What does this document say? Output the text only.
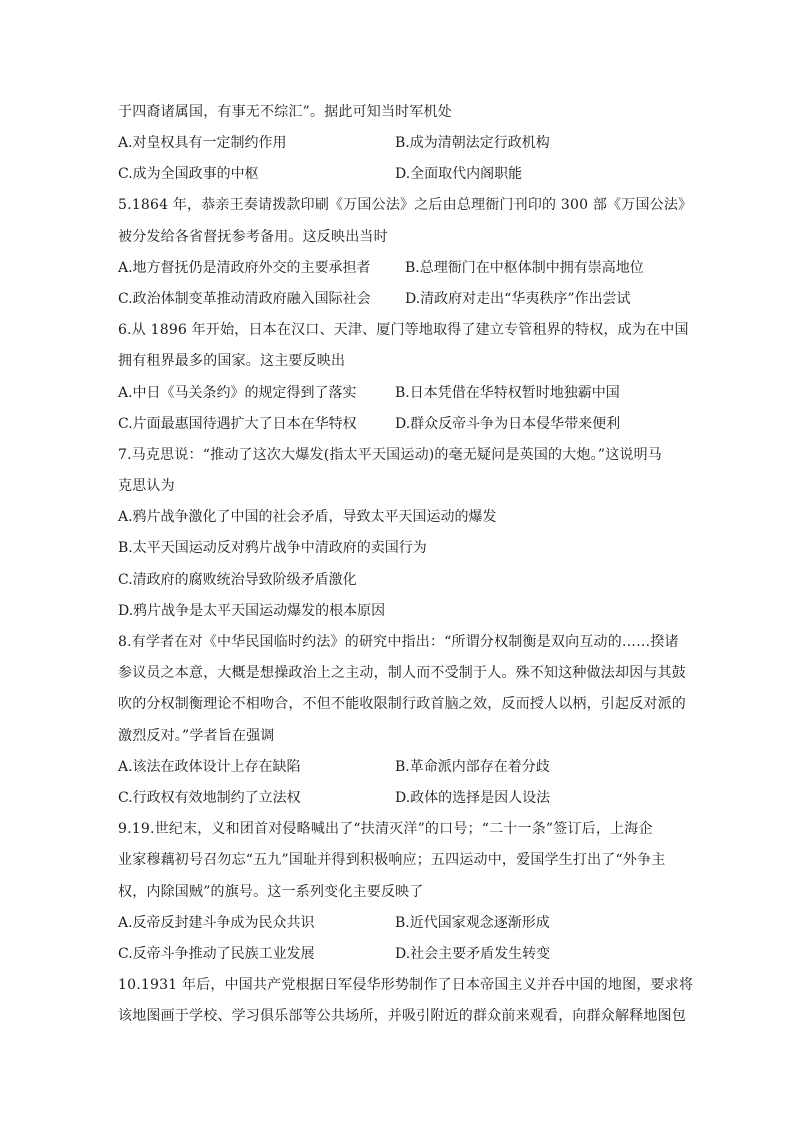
于四裔诸属国，有事无不综汇”。据此可知当时军机处
A.对皇权具有一定制约作用	B.成为清朝法定行政机构
C.成为全国政事的中枢	D.全面取代内阁职能
5.1864 年，恭亲王奏请拨款印刷《万国公法》之后由总理衙门刊印的 300 部《万国公法》
被分发给各省督抚参考备用。这反映出当时
A.地方督抚仍是清政府外交的主要承担者 B.总理衙门在中枢体制中拥有崇高地位
C.政治体制变革推动清政府融入国际社会 D.清政府对走出“华夷秩序”作出尝试
6.从 1896 年开始，日本在汉口、天津、厦门等地取得了建立专管租界的特权，成为在中国
拥有租界最多的国家。这主要反映出
A.中日《马关条约》的规定得到了落实	B.日本凭借在华特权暂时地独霸中国
C.片面最惠国待遇扩大了日本在华特权	D.群众反帝斗争为日本侵华带来便利
7.马克思说：“推动了这次大爆发(指太平天国运动)的毫无疑问是英国的大炮。”这说明马
克思认为
A.鸦片战争激化了中国的社会矛盾，导致太平天国运动的爆发
B.太平天国运动反对鸦片战争中清政府的卖国行为
C.清政府的腐败统治导致阶级矛盾激化
D.鸦片战争是太平天国运动爆发的根本原因
8.有学者在对《中华民国临时约法》的研究中指出：“所谓分权制衡是双向互动的……揆诸
参议员之本意，大概是想操政治上之主动，制人而不受制于人。殊不知这种做法却因与其鼓
吹的分权制衡理论不相吻合，不但不能收限制行政首脑之效，反而授人以柄，引起反对派的
激烈反对。”学者旨在强调
A.该法在政体设计上存在缺陷	B.革命派内部存在着分歧
C.行政权有效地制约了立法权	D.政体的选择是因人设法
9.19.世纪末，义和团首对侵略喊出了“扶清灭洋”的口号；“二十一条”签订后，上海企
业家穆藕初号召勿忘“五九”国耻并得到积极响应；五四运动中，爱国学生打出了“外争主
权，内除国贼”的旗号。这一系列变化主要反映了
A.反帝反封建斗争成为民众共识	B.近代国家观念逐渐形成
C.反帝斗争推动了民族工业发展	D.社会主要矛盾发生转变
10.1931 年后，中国共产党根据日军侵华形势制作了日本帝国主义并吞中国的地图，要求将
该地图画于学校、学习俱乐部等公共场所，并吸引附近的群众前来观看，向群众解释地图包
